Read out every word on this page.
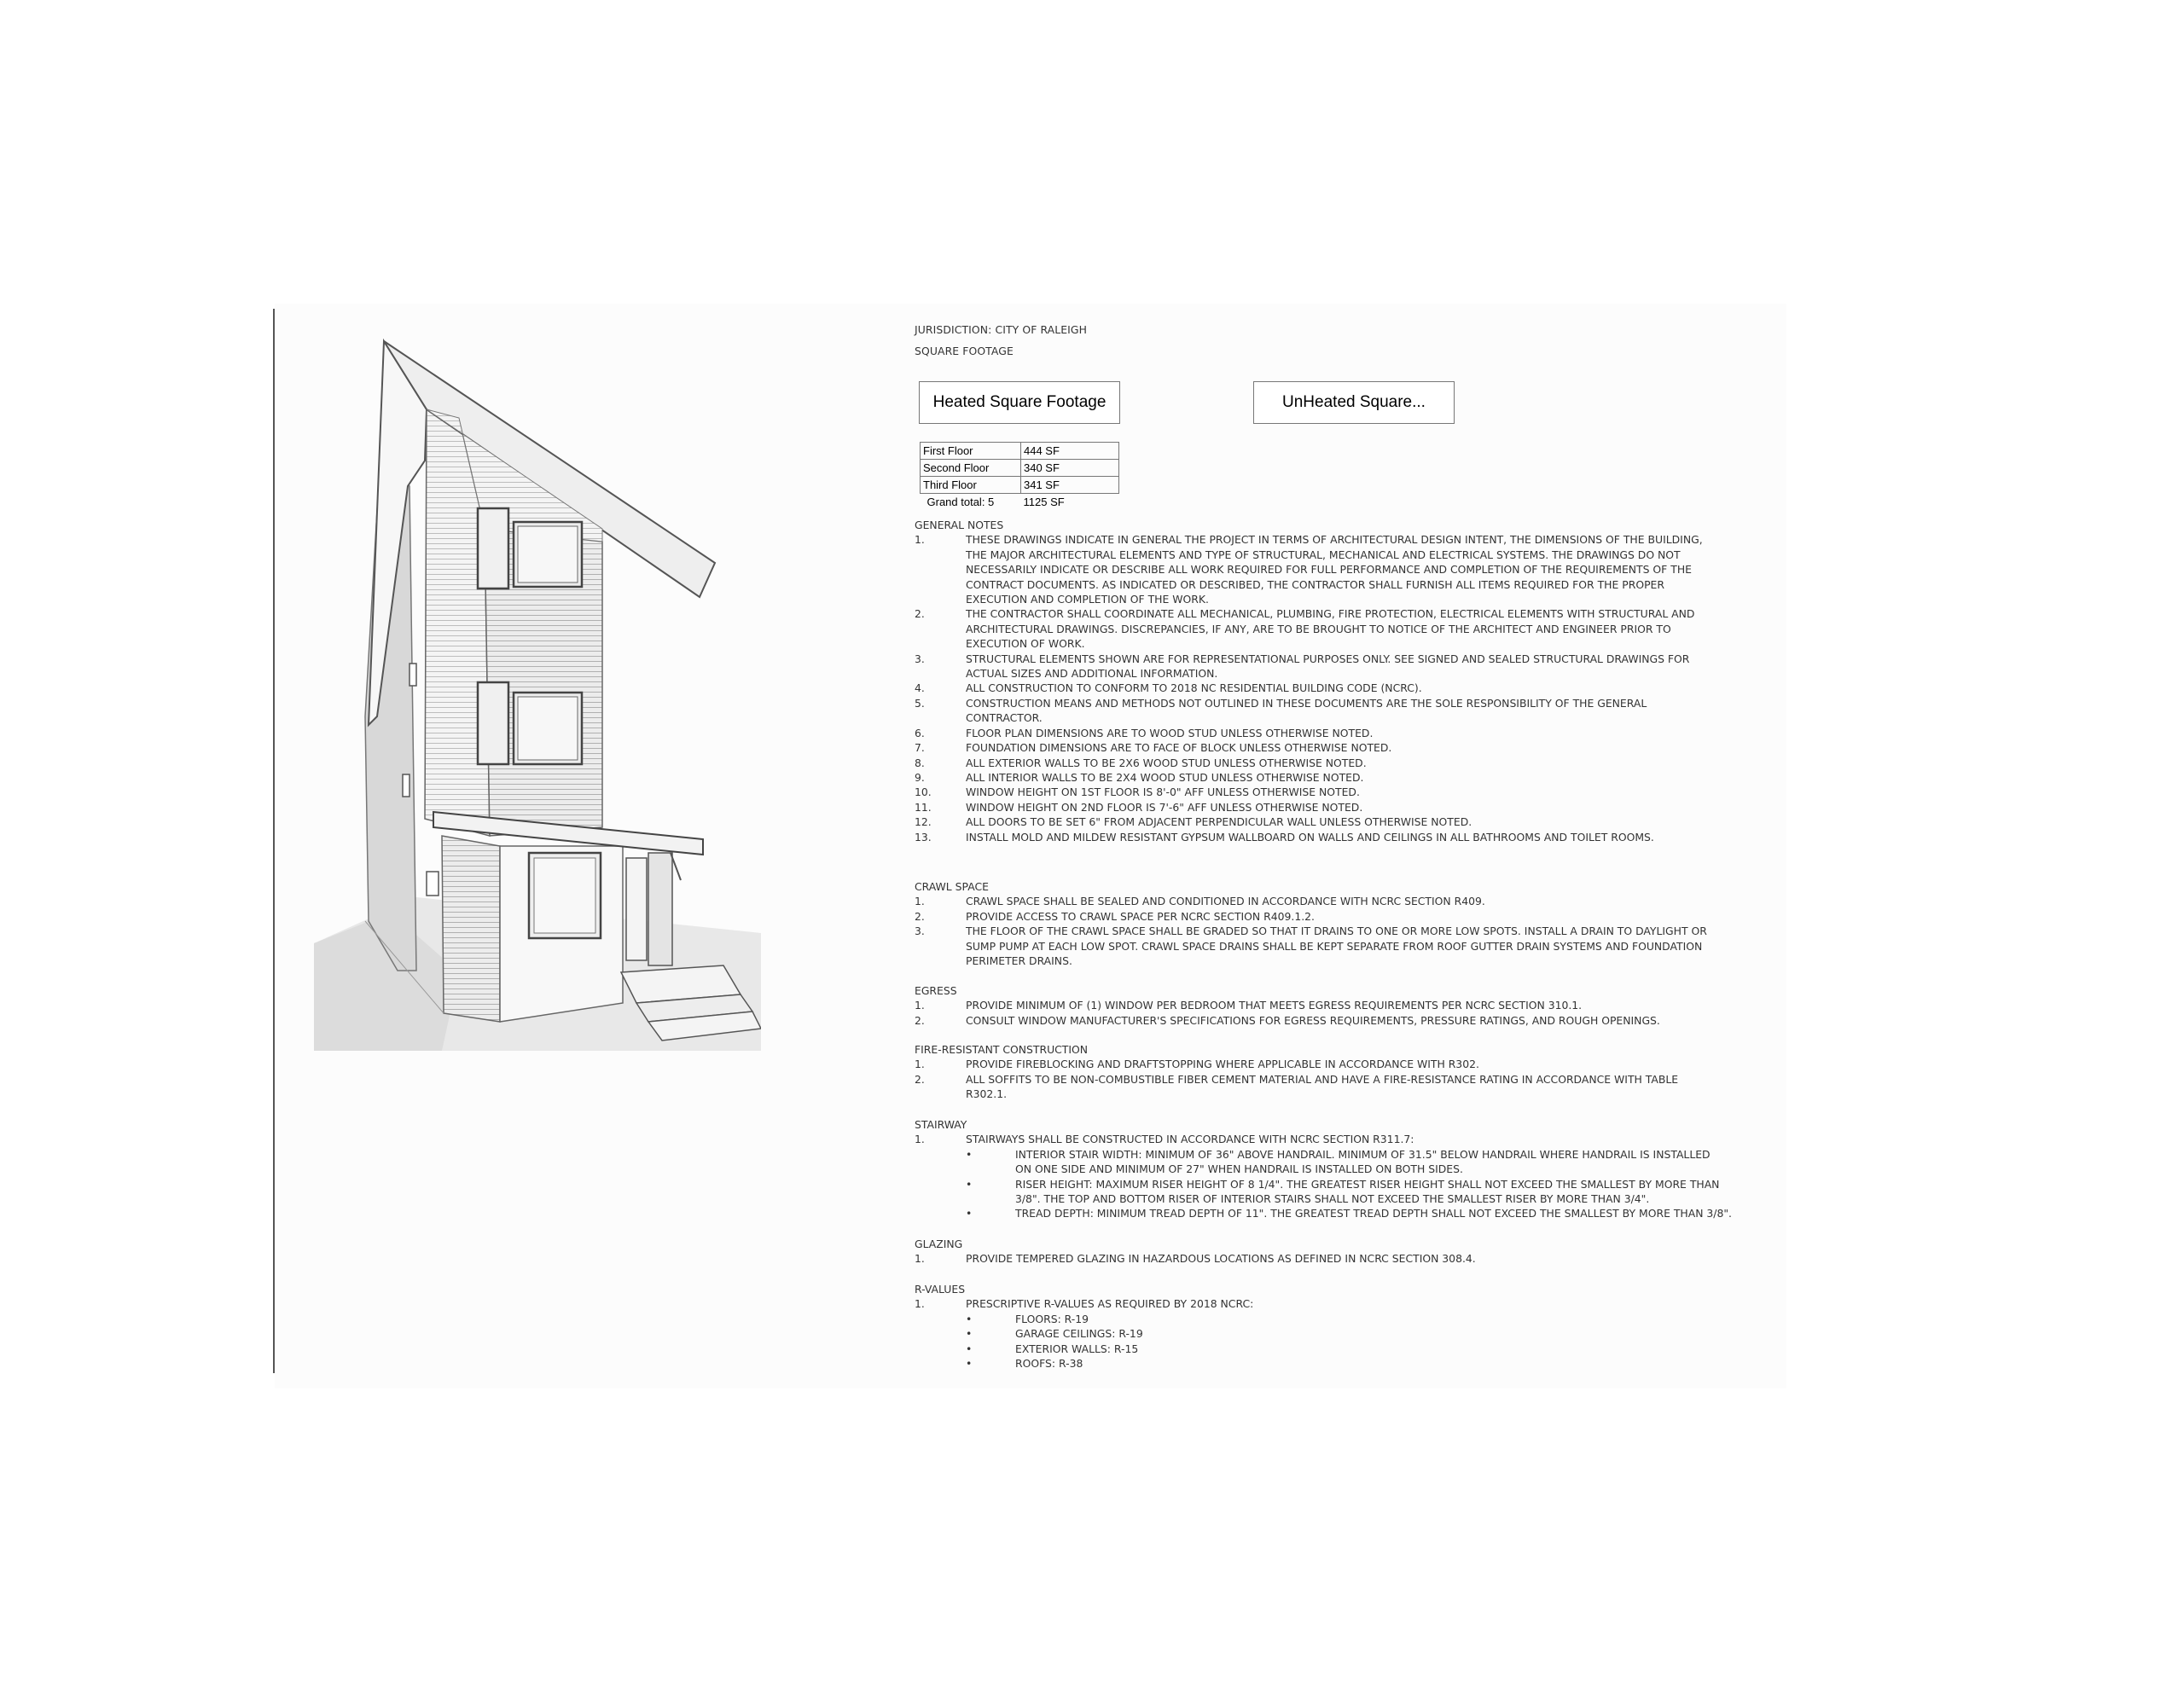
JURISDICTION: CITY OF RALEIGH
SQUARE FOOTAGE
Heated Square Footage	UnHeated Square...
First Floor	444 SF
Second Floor	340 SF
Third Floor	341 SF
Grand total: 5	1125 SF
GENERAL NOTES
1.	THESE DRAWINGS INDICATE IN GENERAL THE PROJECT IN TERMS OF ARCHITECTURAL DESIGN INTENT, THE DIMENSIONS OF THE BUILDING,
THE MAJOR ARCHITECTURAL ELEMENTS AND TYPE OF STRUCTURAL, MECHANICAL AND ELECTRICAL SYSTEMS. THE DRAWINGS DO NOT
NECESSARILY INDICATE OR DESCRIBE ALL WORK REQUIRED FOR FULL PERFORMANCE AND COMPLETION OF THE REQUIREMENTS OF THE
CONTRACT DOCUMENTS. AS INDICATED OR DESCRIBED, THE CONTRACTOR SHALL FURNISH ALL ITEMS REQUIRED FOR THE PROPER
EXECUTION AND COMPLETION OF THE WORK.
2.	THE CONTRACTOR SHALL COORDINATE ALL MECHANICAL, PLUMBING, FIRE PROTECTION, ELECTRICAL ELEMENTS WITH STRUCTURAL AND
ARCHITECTURAL DRAWINGS. DISCREPANCIES, IF ANY, ARE TO BE BROUGHT TO NOTICE OF THE ARCHITECT AND ENGINEER PRIOR TO
EXECUTION OF WORK.
3.	STRUCTURAL ELEMENTS SHOWN ARE FOR REPRESENTATIONAL PURPOSES ONLY. SEE SIGNED AND SEALED STRUCTURAL DRAWINGS FOR
ACTUAL SIZES AND ADDITIONAL INFORMATION.
4.	ALL CONSTRUCTION TO CONFORM TO 2018 NC RESIDENTIAL BUILDING CODE (NCRC).
5.	CONSTRUCTION MEANS AND METHODS NOT OUTLINED IN THESE DOCUMENTS ARE THE SOLE RESPONSIBILITY OF THE GENERAL
CONTRACTOR.
6.	FLOOR PLAN DIMENSIONS ARE TO WOOD STUD UNLESS OTHERWISE NOTED.
7.	FOUNDATION DIMENSIONS ARE TO FACE OF BLOCK UNLESS OTHERWISE NOTED.
8.	ALL EXTERIOR WALLS TO BE 2X6 WOOD STUD UNLESS OTHERWISE NOTED.
9.	ALL INTERIOR WALLS TO BE 2X4 WOOD STUD UNLESS OTHERWISE NOTED.
10.	WINDOW HEIGHT ON 1ST FLOOR IS 8'-0" AFF UNLESS OTHERWISE NOTED.
11.	WINDOW HEIGHT ON 2ND FLOOR IS 7'-6" AFF UNLESS OTHERWISE NOTED.
12.	ALL DOORS TO BE SET 6" FROM ADJACENT PERPENDICULAR WALL UNLESS OTHERWISE NOTED.
13.	INSTALL MOLD AND MILDEW RESISTANT GYPSUM WALLBOARD ON WALLS AND CEILINGS IN ALL BATHROOMS AND TOILET ROOMS.
CRAWL SPACE
1.	CRAWL SPACE SHALL BE SEALED AND CONDITIONED IN ACCORDANCE WITH NCRC SECTION R409.
2.	PROVIDE ACCESS TO CRAWL SPACE PER NCRC SECTION R409.1.2.
3.	THE FLOOR OF THE CRAWL SPACE SHALL BE GRADED SO THAT IT DRAINS TO ONE OR MORE LOW SPOTS. INSTALL A DRAIN TO DAYLIGHT OR
SUMP PUMP AT EACH LOW SPOT. CRAWL SPACE DRAINS SHALL BE KEPT SEPARATE FROM ROOF GUTTER DRAIN SYSTEMS AND FOUNDATION
PERIMETER DRAINS.
EGRESS
1.	PROVIDE MINIMUM OF (1) WINDOW PER BEDROOM THAT MEETS EGRESS REQUIREMENTS PER NCRC SECTION 310.1.
2.	CONSULT WINDOW MANUFACTURER'S SPECIFICATIONS FOR EGRESS REQUIREMENTS, PRESSURE RATINGS, AND ROUGH OPENINGS.
FIRE-RESISTANT CONSTRUCTION
1.	PROVIDE FIREBLOCKING AND DRAFTSTOPPING WHERE APPLICABLE IN ACCORDANCE WITH R302.
2.	ALL SOFFITS TO BE NON-COMBUSTIBLE FIBER CEMENT MATERIAL AND HAVE A FIRE-RESISTANCE RATING IN ACCORDANCE WITH TABLE
R302.1.
STAIRWAY
1.	STAIRWAYS SHALL BE CONSTRUCTED IN ACCORDANCE WITH NCRC SECTION R311.7:
•	INTERIOR STAIR WIDTH: MINIMUM OF 36" ABOVE HANDRAIL. MINIMUM OF 31.5" BELOW HANDRAIL WHERE HANDRAIL IS INSTALLED
ON ONE SIDE AND MINIMUM OF 27" WHEN HANDRAIL IS INSTALLED ON BOTH SIDES.
•	RISER HEIGHT: MAXIMUM RISER HEIGHT OF 8 1/4". THE GREATEST RISER HEIGHT SHALL NOT EXCEED THE SMALLEST BY MORE THAN
3/8". THE TOP AND BOTTOM RISER OF INTERIOR STAIRS SHALL NOT EXCEED THE SMALLEST RISER BY MORE THAN 3/4".
•	TREAD DEPTH: MINIMUM TREAD DEPTH OF 11". THE GREATEST TREAD DEPTH SHALL NOT EXCEED THE SMALLEST BY MORE THAN 3/8".
GLAZING
1.	PROVIDE TEMPERED GLAZING IN HAZARDOUS LOCATIONS AS DEFINED IN NCRC SECTION 308.4.
R-VALUES
1.	PRESCRIPTIVE R-VALUES AS REQUIRED BY 2018 NCRC:
•	FLOORS: R-19
•	GARAGE CEILINGS: R-19
•	EXTERIOR WALLS: R-15
•	ROOFS: R-38
